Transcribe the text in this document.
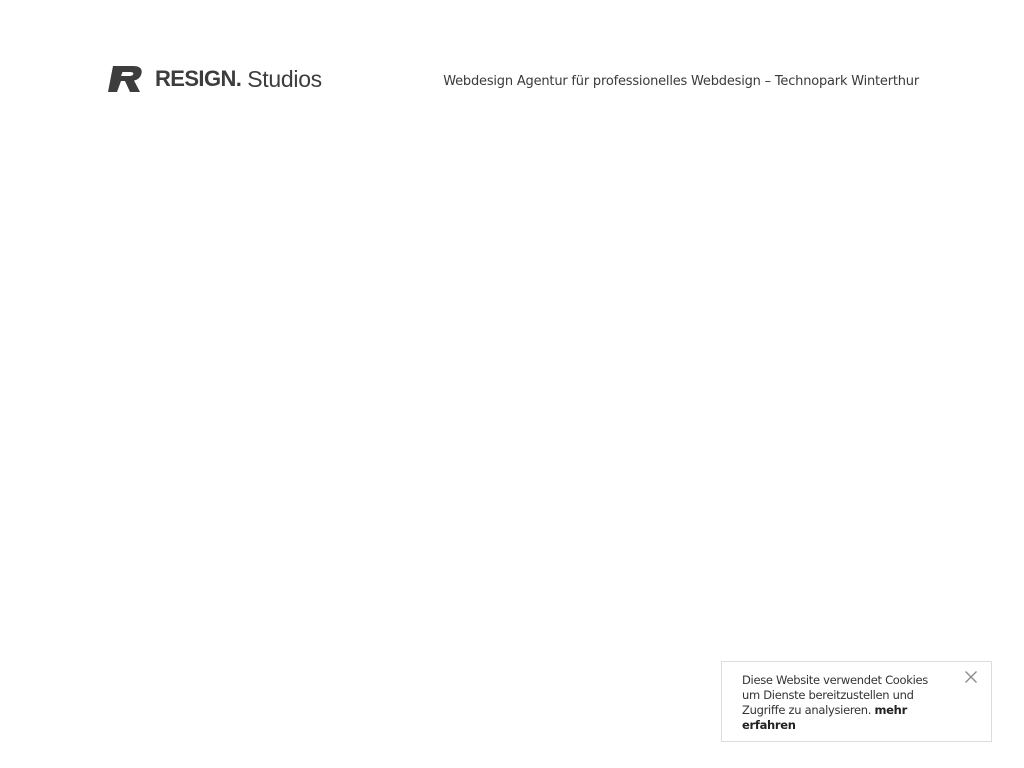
RESIGN. Studios	Webdesign Agentur für professionelles Webdesign – Technopark Winterthur
Diese Website verwendet Cookies um Dienste bereitzustellen und Zugriffe zu analysieren. mehr erfahren
